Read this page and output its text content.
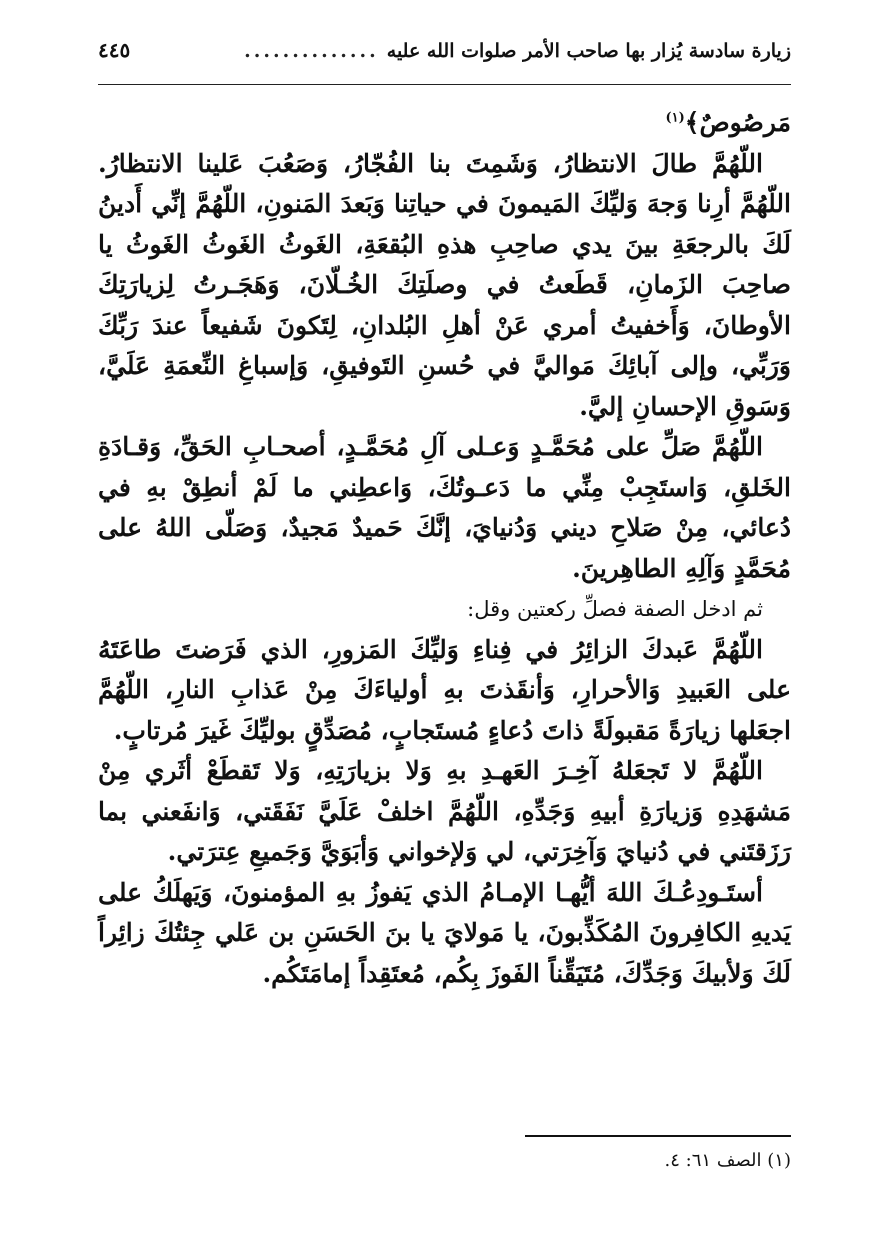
زيارة سادسة يُزار بها صاحب الأمر صلوات الله عليه
..............
٤٤٥

مَرصُوصٌ﴾$^{(١)}$

اللّهُمَّ طالَ الانتظارُ، وَشَمِتَ بنا الفُجّارُ، وَصَعُبَ عَلينا الانتظارُ. اللّهُمَّ أرِنا وَجهَ وَليِّكَ المَيمونَ في حياتِنا وَبَعدَ المَنونِ، اللّهُمَّ إنِّي أَدينُ لَكَ بالرجعَةِ بينَ يدي صاحِبِ هذهِ البُقعَةِ، الغَوثُ الغَوثُ الغَوثُ يا صاحِبَ الزَمانِ، قَطَعتُ في وصلَتِكَ الخُـلّانَ، وَهَجَـرتُ لِزيارَتِكَ الأوطانَ، وَأَخفيتُ أمري عَنْ أهلِ البُلدانِ، لِتَكونَ شَفيعاً عندَ رَبِّكَ وَرَبِّي، وإلى آبائِكَ مَواليَّ في حُسنِ التَوفيقِ، وَإسباغِ النِّعمَةِ عَلَيَّ، وَسَوقِ الإحسانِ إليَّ.

اللّهُمَّ صَلِّ على مُحَمَّـدٍ وَعـلى آلِ مُحَمَّـدٍ، أصحـابِ الحَقِّ، وَقـادَةِ الخَلقِ، وَاستَجِبْ مِنِّي ما دَعـوتُكَ، وَاعطِني ما لَمْ أنطِقْ بهِ في دُعائي، مِنْ صَلاحِ ديني وَدُنيايَ، إنَّكَ حَميدٌ مَجيدٌ، وَصَلّى اللهُ على مُحَمَّدٍ وَآلِهِ الطاهِرينَ.

ثم ادخل الصفة فصلِّ ركعتين وقل:

اللّهُمَّ عَبدكَ الزائِرُ في فِناءِ وَليِّكَ المَزورِ، الذي فَرَضتَ طاعَتَهُ على العَبيدِ وَالأحرارِ، وَأنقَذتَ بهِ أولياءَكَ مِنْ عَذابِ النارِ، اللّهُمَّ اجعَلها زيارَةً مَقبولَةً ذاتَ دُعاءٍ مُستَجابٍ، مُصَدِّقٍ بوليِّكَ غَيرَ مُرتابٍ.

اللّهُمَّ لا تَجعَلهُ آخِـرَ العَهـدِ بهِ وَلا بزيارَتِهِ، وَلا تَقطَعْ أثَري مِنْ مَشهَدِهِ وَزيارَةِ أبيهِ وَجَدِّهِ، اللّهُمَّ اخلفْ عَلَيَّ نَفَقَتي، وَانفَعني بما رَزَقتَني في دُنيايَ وَآخِرَتي، لي وَلإخواني وَأبَوَيَّ وَجَميعِ عِترَتي.

أستَـودِعُـكَ اللهَ أيُّهـا الإمـامُ الذي يَفوزُ بهِ المؤمنونَ، وَيَهلَكُ على يَديهِ الكافِرونَ المُكَذِّبونَ، يا مَولايَ يا بنَ الحَسَنِ بن عَلي جِئتُكَ زائِراً لَكَ وَلأبيكَ وَجَدِّكَ، مُتَيَقِّناً الفَوزَ بِكُم، مُعتَقِداً إمامَتَكُم.

(١) الصف ٦١: ٤.
